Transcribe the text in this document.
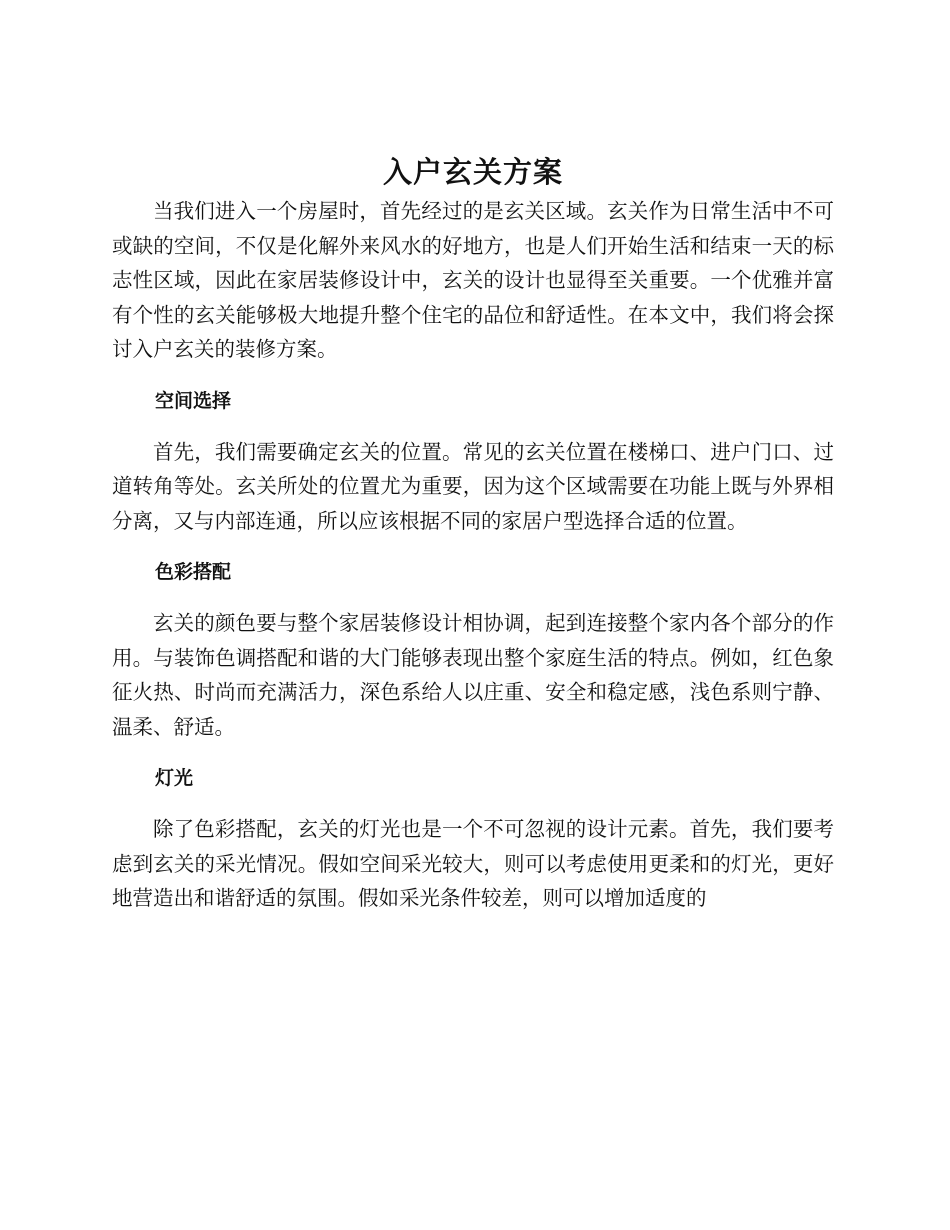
入户玄关方案

当我们进入一个房屋时，首先经过的是玄关区域。玄关作为日常生活中不可或缺的空间，不仅是化解外来风水的好地方，也是人们开始生活和结束一天的标志性区域，因此在家居装修设计中，玄关的设计也显得至关重要。一个优雅并富有个性的玄关能够极大地提升整个住宅的品位和舒适性。在本文中，我们将会探讨入户玄关的装修方案。

空间选择

首先，我们需要确定玄关的位置。常见的玄关位置在楼梯口、进户门口、过道转角等处。玄关所处的位置尤为重要，因为这个区域需要在功能上既与外界相分离，又与内部连通，所以应该根据不同的家居户型选择合适的位置。

色彩搭配

玄关的颜色要与整个家居装修设计相协调，起到连接整个家内各个部分的作用。与装饰色调搭配和谐的大门能够表现出整个家庭生活的特点。例如，红色象征火热、时尚而充满活力，深色系给人以庄重、安全和稳定感，浅色系则宁静、温柔、舒适。

灯光

除了色彩搭配，玄关的灯光也是一个不可忽视的设计元素。首先，我们要考虑到玄关的采光情况。假如空间采光较大，则可以考虑使用更柔和的灯光，更好地营造出和谐舒适的氛围。假如采光条件较差，则可以增加适度的
